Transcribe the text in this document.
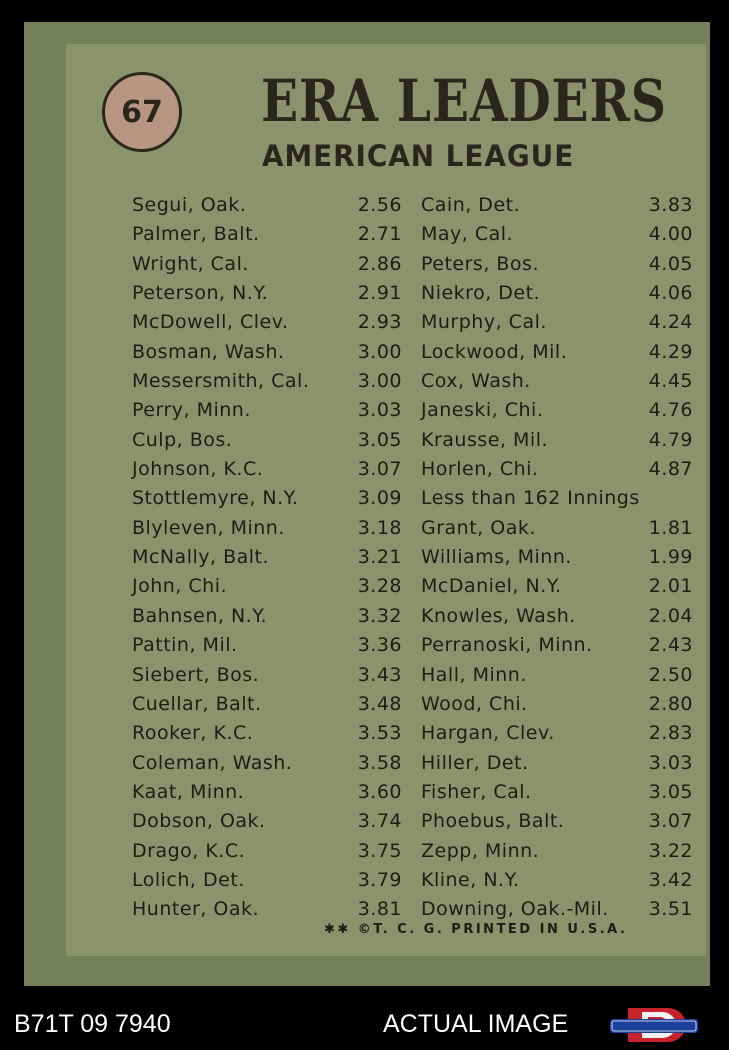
67 ERA LEADERS
AMERICAN LEAGUE
Segui, Oak.	2.56
Palmer, Balt.	2.71
Wright, Cal.	2.86
Peterson, N.Y.	2.91
McDowell, Clev.	2.93
Bosman, Wash.	3.00
Messersmith, Cal.	3.00
Perry, Minn.	3.03
Culp, Bos.	3.05
Johnson, K.C.	3.07
Stottlemyre, N.Y.	3.09
Blyleven, Minn.	3.18
McNally, Balt.	3.21
John, Chi.	3.28
Bahnsen, N.Y.	3.32
Pattin, Mil.	3.36
Siebert, Bos.	3.43
Cuellar, Balt.	3.48
Rooker, K.C.	3.53
Coleman, Wash.	3.58
Kaat, Minn.	3.60
Dobson, Oak.	3.74
Drago, K.C.	3.75
Lolich, Det.	3.79
Hunter, Oak.	3.81
Cain, Det.	3.83
May, Cal.	4.00
Peters, Bos.	4.05
Niekro, Det.	4.06
Murphy, Cal.	4.24
Lockwood, Mil.	4.29
Cox, Wash.	4.45
Janeski, Chi.	4.76
Krausse, Mil.	4.79
Horlen, Chi.	4.87
Less than 162 Innings
Grant, Oak.	1.81
Williams, Minn.	1.99
McDaniel, N.Y.	2.01
Knowles, Wash.	2.04
Perranoski, Minn.	2.43
Hall, Minn.	2.50
Wood, Chi.	2.80
Hargan, Clev.	2.83
Hiller, Det.	3.03
Fisher, Cal.	3.05
Phoebus, Balt.	3.07
Zepp, Minn.	3.22
Kline, N.Y.	3.42
Downing, Oak.-Mil. 3.51
✱✱ ©T. C. G. PRINTED IN U.S.A.
B71T 09 7940	ACTUAL IMAGE
